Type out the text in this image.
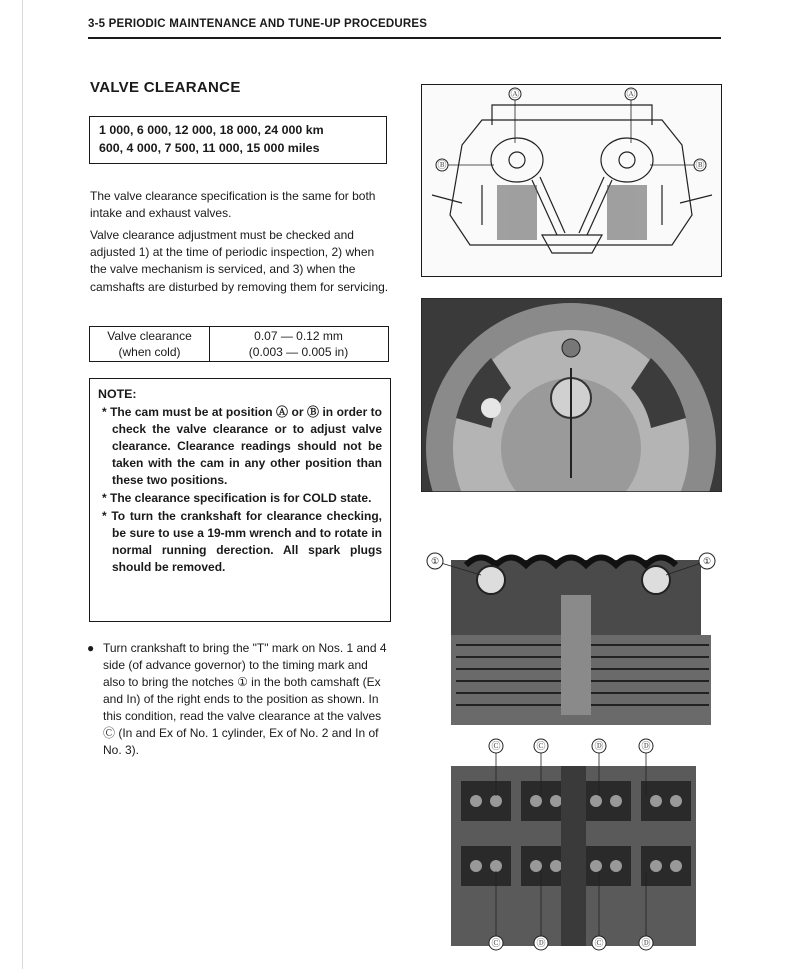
3-5 PERIODIC MAINTENANCE AND TUNE-UP PROCEDURES
VALVE CLEARANCE
1 000, 6 000, 12 000, 18 000, 24 000 km
600, 4 000, 7 500, 11 000, 15 000 miles

The valve clearance specification is the same for both intake and exhaust valves.

Valve clearance adjustment must be checked and adjusted 1) at the time of periodic inspection, 2) when the valve mechanism is serviced, and 3) when the camshafts are disturbed by removing them for servicing.

Valve clearance
(when cold)
0.07 — 0.12 mm
(0.003 — 0.005 in)
NOTE:

* The cam must be at position Ⓐ or Ⓑ in order to check the valve clearance or to adjust valve clearance. Clearance readings should not be taken with the cam in any other position than these two positions.

* The clearance specification is for COLD state.

* To turn the crankshaft for clearance checking, be sure to use a 19-mm wrench and to rotate in normal running derection. All spark plugs should be removed.

● Turn crankshaft to bring the "T" mark on Nos. 1 and 4 side (of advance governor) to the timing mark and also to bring the notches ① in the both camshaft (Ex and In) of the right ends to the position as shown. In this condition, read the valve clearance at the valves Ⓒ (In and Ex of No. 1 cylinder, Ex of No. 2 and In of No. 3).
Ⓐ	Ⓐ
Ⓑ	Ⓑ
①	①
Ⓒ	Ⓒ	Ⓓ	Ⓓ
Ⓒ	Ⓓ	Ⓒ	Ⓓ
